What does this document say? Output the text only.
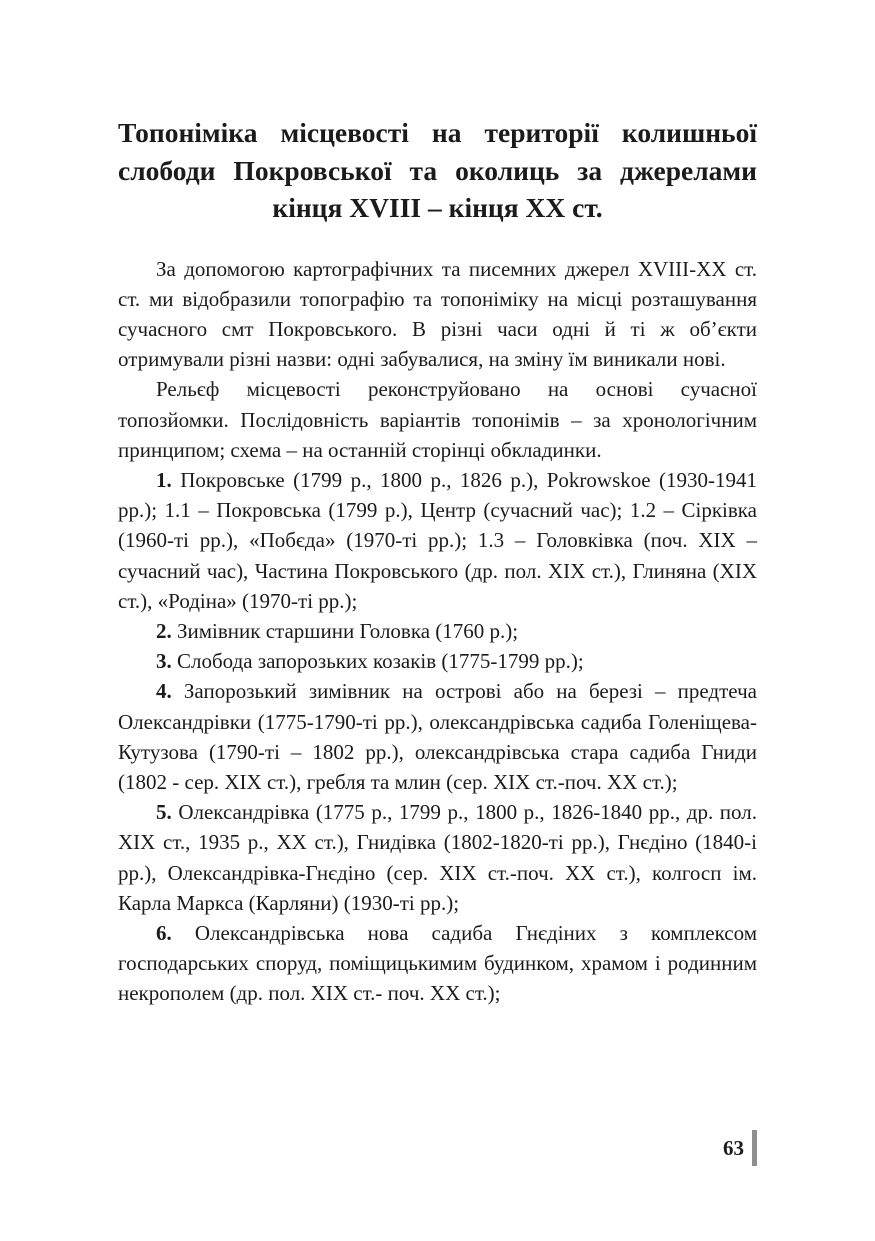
Топоніміка місцевості на території колишньої слободи Покровської та околиць за джерелами кінця XVIII – кінця XX ст.

За допомогою картографічних та писемних джерел XVIII-XX ст. ст. ми відобразили топографію та топоніміку на місці розташування сучасного смт Покровського. В різні часи одні й ті ж об’єкти отримували різні назви: одні забувалися, на зміну їм виникали нові.

Рельєф місцевості реконструйовано на основі сучасної топозйомки. Послідовність варіантів топонімів – за хронологічним принципом; схема – на останній сторінці обкладинки.

1. Покровське (1799 р., 1800 р., 1826 р.), Pokrowskoe (1930-1941 рр.); 1.1 – Покровська (1799 р.), Центр (сучасний час); 1.2 – Сірківка (1960-ті рр.), «Побєда» (1970-ті рр.); 1.3 – Головківка (поч. XIX – сучасний час), Частина Покровського (др. пол. XIX ст.), Глиняна (XIX ст.), «Родіна» (1970-ті рр.);

2. Зимівник старшини Головка (1760 р.);

3. Слобода запорозьких козаків (1775-1799 рр.);

4. Запорозький зимівник на острові або на березі – предтеча Олександрівки (1775-1790-ті рр.), олександрівська садиба Голеніщева-Кутузова (1790-ті – 1802 рр.), олександрівська стара садиба Гниди (1802 - сер. XIX ст.), гребля та млин (сер. XIX ст.-поч. XX ст.);

5. Олександрівка (1775 р., 1799 р., 1800 р., 1826-1840 рр., др. пол. XIX ст., 1935 р., XX ст.), Гнидівка (1802-1820-ті рр.), Гнєдіно (1840-і рр.), Олександрівка-Гнєдіно (сер. XIX ст.-поч. XX ст.), колгосп ім. Карла Маркса (Карляни) (1930-ті рр.);

6. Олександрівська нова садиба Гнєдіних з комплексом господарських споруд, поміщицькимим будинком, храмом і родинним некрополем (др. пол. XIX ст.- поч. XX ст.);

63
